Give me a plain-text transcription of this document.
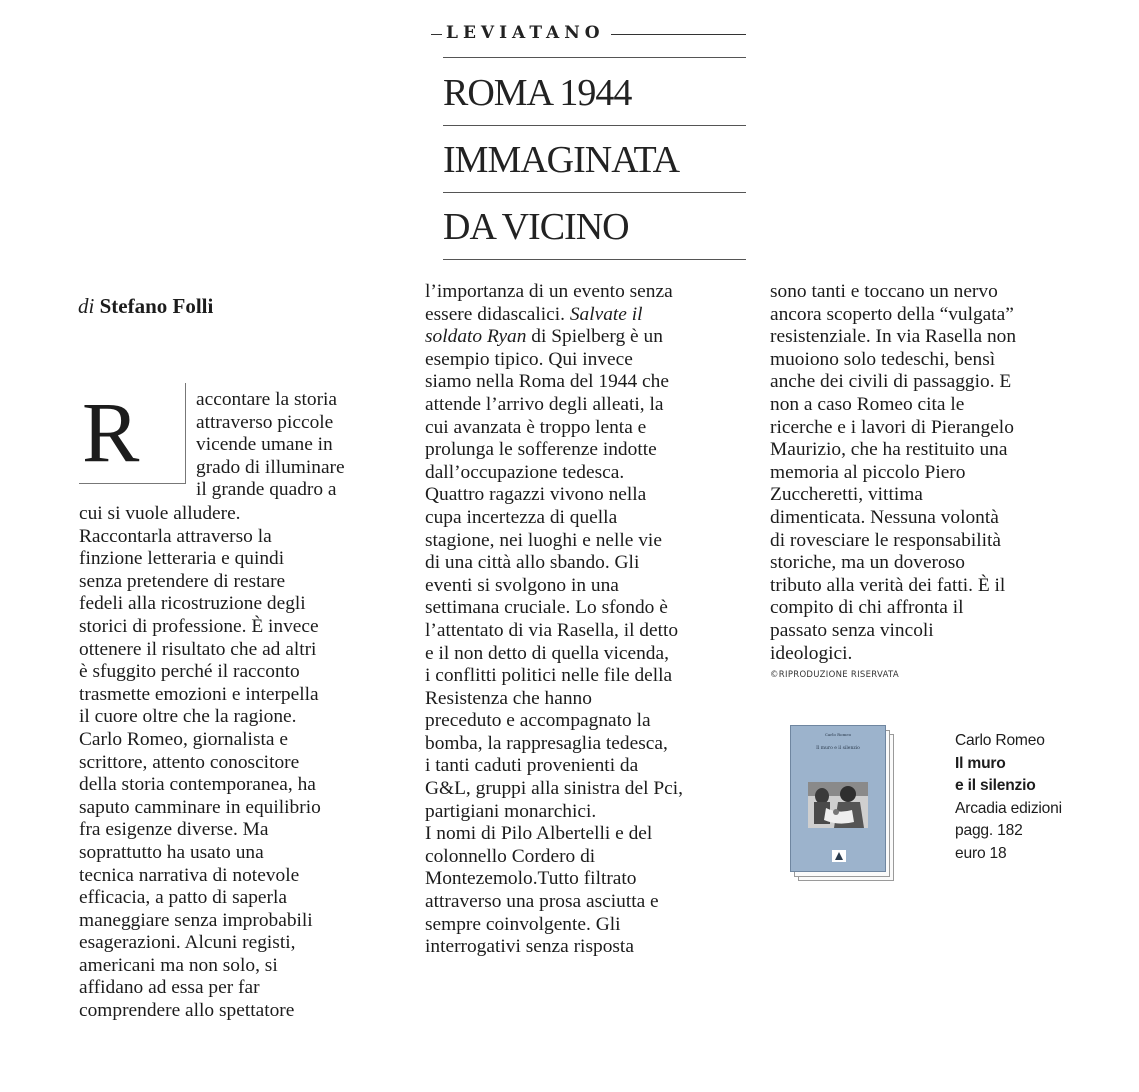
LEVIATANO
ROMA 1944
IMMAGINATA
DA VICINO
di Stefano Folli
R	accontare la storia
attraverso piccole
vicende umane in
grado di illuminare
il grande quadro a
cui si vuole alludere.
Raccontarla attraverso la
finzione letteraria e quindi
senza pretendere di restare
fedeli alla ricostruzione degli
storici di professione. È invece
ottenere il risultato che ad altri
è sfuggito perché il racconto
trasmette emozioni e interpella
il cuore oltre che la ragione.
Carlo Romeo, giornalista e
scrittore, attento conoscitore
della storia contemporanea, ha
saputo camminare in equilibrio
fra esigenze diverse. Ma
soprattutto ha usato una
tecnica narrativa di notevole
efficacia, a patto di saperla
maneggiare senza improbabili
esagerazioni. Alcuni registi,
americani ma non solo, si
affidano ad essa per far
comprendere allo spettatore
l’importanza di un evento senza
essere didascalici. Salvate il
soldato Ryan di Spielberg è un
esempio tipico. Qui invece
siamo nella Roma del 1944 che
attende l’arrivo degli alleati, la
cui avanzata è troppo lenta e
prolunga le sofferenze indotte
dall’occupazione tedesca.
Quattro ragazzi vivono nella
cupa incertezza di quella
stagione, nei luoghi e nelle vie
di una città allo sbando. Gli
eventi si svolgono in una
settimana cruciale. Lo sfondo è
l’attentato di via Rasella, il detto
e il non detto di quella vicenda,
i conflitti politici nelle file della
Resistenza che hanno
preceduto e accompagnato la
bomba, la rappresaglia tedesca,
i tanti caduti provenienti da
G&L, gruppi alla sinistra del Pci,
partigiani monarchici.
I nomi di Pilo Albertelli e del
colonnello Cordero di
Montezemolo.Tutto filtrato
attraverso una prosa asciutta e
sempre coinvolgente. Gli
interrogativi senza risposta
sono tanti e toccano un nervo
ancora scoperto della “vulgata”
resistenziale. In via Rasella non
muoiono solo tedeschi, bensì
anche dei civili di passaggio. E
non a caso Romeo cita le
ricerche e i lavori di Pierangelo
Maurizio, che ha restituito una
memoria al piccolo Piero
Zuccheretti, vittima
dimenticata. Nessuna volontà
di rovesciare le responsabilità
storiche, ma un doveroso
tributo alla verità dei fatti. È il
compito di chi affronta il
passato senza vincoli
ideologici.
©RIPRODUZIONE RISERVATA
Carlo Romeo
Il muro e il silenzio	Carlo Romeo
Il muro
e il silenzio
Arcadia edizioni
pagg. 182
euro 18
